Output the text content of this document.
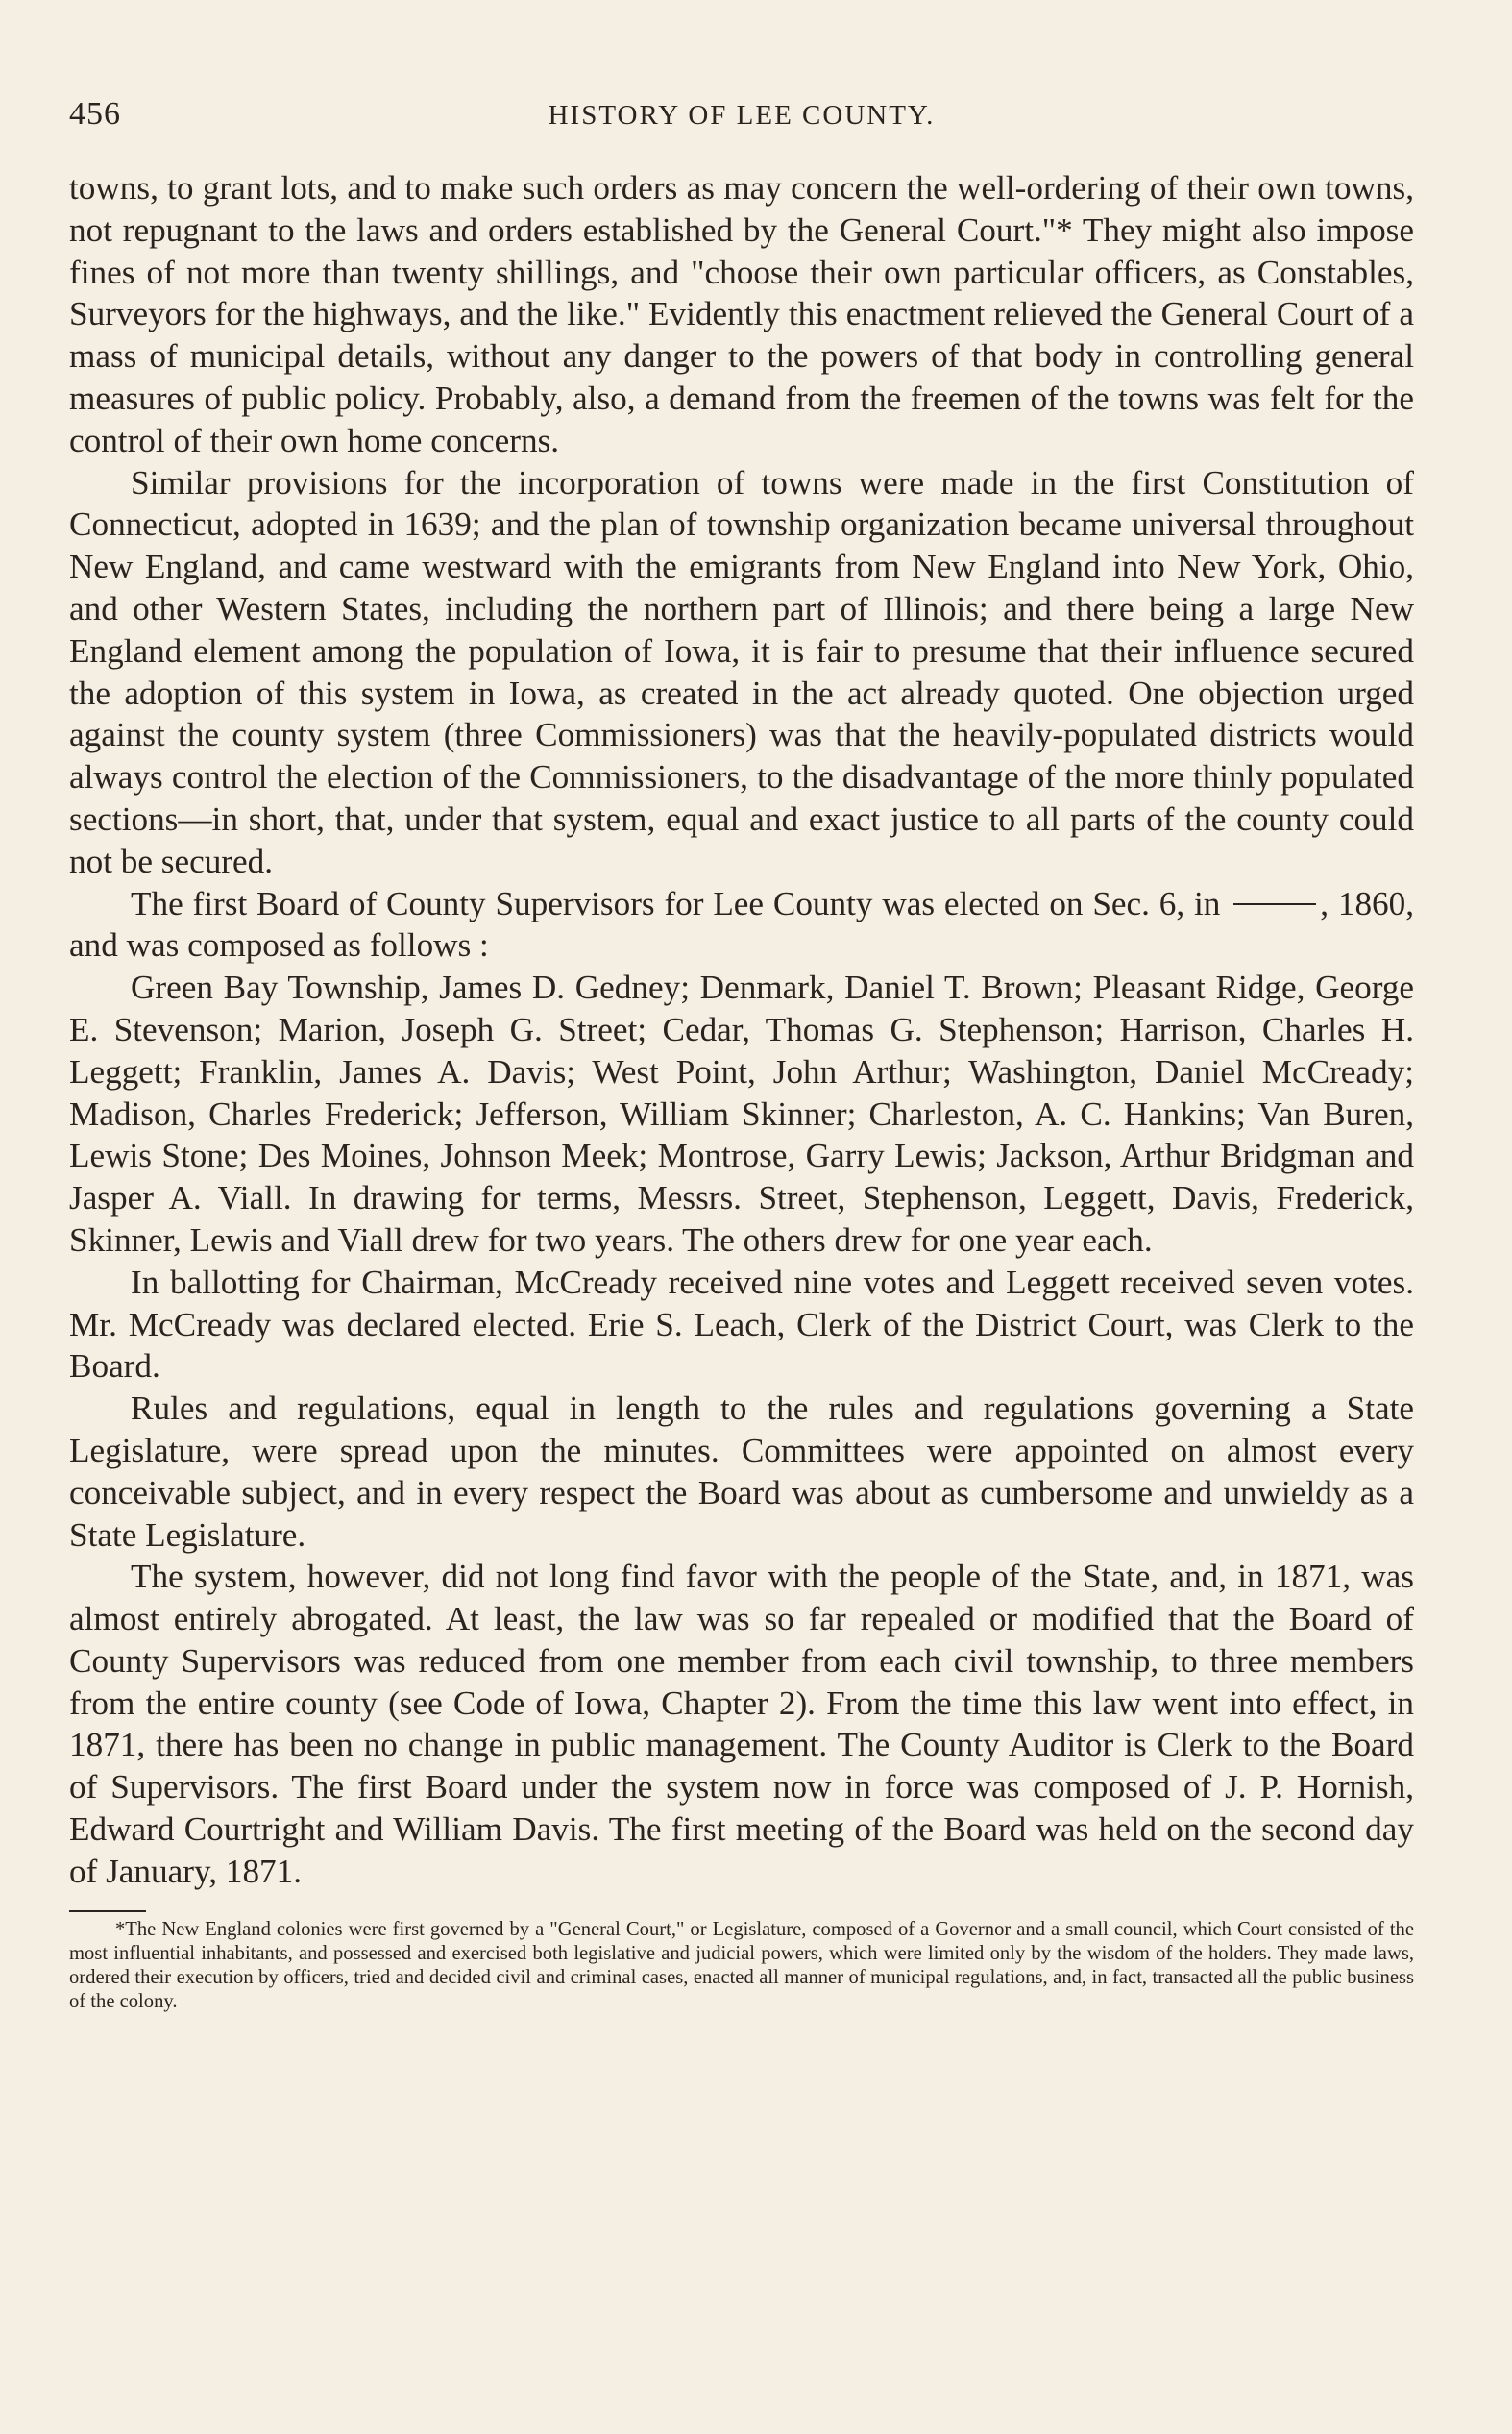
456	HISTORY OF LEE COUNTY.

towns, to grant lots, and to make such orders as may concern the well-ordering of their own towns, not repugnant to the laws and orders established by the General Court."* They might also impose fines of not more than twenty shillings, and "choose their own particular officers, as Constables, Surveyors for the highways, and the like." Evidently this enactment relieved the General Court of a mass of municipal details, without any danger to the powers of that body in controlling general measures of public policy. Probably, also, a demand from the freemen of the towns was felt for the control of their own home concerns.

Similar provisions for the incorporation of towns were made in the first Constitution of Connecticut, adopted in 1639; and the plan of township organization became universal throughout New England, and came westward with the emigrants from New England into New York, Ohio, and other Western States, including the northern part of Illinois; and there being a large New England element among the population of Iowa, it is fair to presume that their influence secured the adoption of this system in Iowa, as created in the act already quoted. One objection urged against the county system (three Commissioners) was that the heavily-populated districts would always control the election of the Commissioners, to the disadvantage of the more thinly populated sections—in short, that, under that system, equal and exact justice to all parts of the county could not be secured.

The first Board of County Supervisors for Lee County was elected on Sec. 6, in	, 1860, and was composed as follows :

Green Bay Township, James D. Gedney; Denmark, Daniel T. Brown; Pleasant Ridge, George E. Stevenson; Marion, Joseph G. Street; Cedar, Thomas G. Stephenson; Harrison, Charles H. Leggett; Franklin, James A. Davis; West Point, John Arthur; Washington, Daniel McCready; Madison, Charles Frederick; Jefferson, William Skinner; Charleston, A. C. Hankins; Van Buren, Lewis Stone; Des Moines, Johnson Meek; Montrose, Garry Lewis; Jackson, Arthur Bridgman and Jasper A. Viall. In drawing for terms, Messrs. Street, Stephenson, Leggett, Davis, Frederick, Skinner, Lewis and Viall drew for two years. The others drew for one year each.

In ballotting for Chairman, McCready received nine votes and Leggett received seven votes. Mr. McCready was declared elected. Erie S. Leach, Clerk of the District Court, was Clerk to the Board.

Rules and regulations, equal in length to the rules and regulations governing a State Legislature, were spread upon the minutes. Committees were appointed on almost every conceivable subject, and in every respect the Board was about as cumbersome and unwieldy as a State Legislature.

The system, however, did not long find favor with the people of the State, and, in 1871, was almost entirely abrogated. At least, the law was so far repealed or modified that the Board of County Supervisors was reduced from one member from each civil township, to three members from the entire county (see Code of Iowa, Chapter 2). From the time this law went into effect, in 1871, there has been no change in public management. The County Auditor is Clerk to the Board of Supervisors. The first Board under the system now in force was composed of J. P. Hornish, Edward Courtright and William Davis. The first meeting of the Board was held on the second day of January, 1871.

*The New England colonies were first governed by a "General Court," or Legislature, composed of a Governor and a small council, which Court consisted of the most influential inhabitants, and possessed and exercised both legislative and judicial powers, which were limited only by the wisdom of the holders. They made laws, ordered their execution by officers, tried and decided civil and criminal cases, enacted all manner of municipal regulations, and, in fact, transacted all the public business of the colony.
